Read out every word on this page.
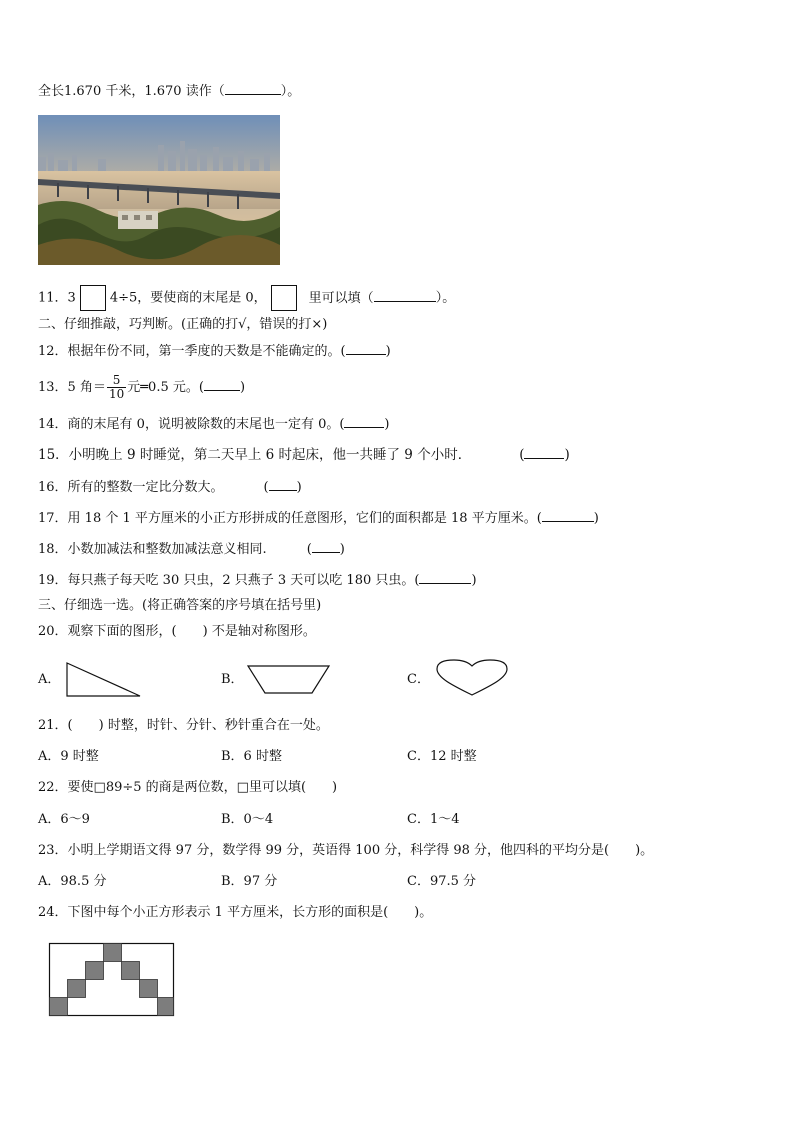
全长1.670 千米，1.670 读作（	）。
11．3	4÷5，要使商的末尾是 0，	里可以填（	）。
二、仔细推敲，巧判断。(正确的打√，错误的打×)
12．根据年份不同，第一季度的天数是不能确定的。(	)
13．5 角＝ $\frac{5}{10}$ 元═0.5 元。(	)
14．商的末尾有 0，说明被除数的末尾也一定有 0。(	)
15．小明晚上 9 时睡觉，第二天早上 6 时起床，他一共睡了 9 个小时．	(	)
16．所有的整数一定比分数大。	( )
17．用 18 个 1 平方厘米的小正方形拼成的任意图形，它们的面积都是 18 平方厘米。(	)
18．小数加减法和整数加减法意义相同.	( )
19．每只燕子每天吃 30 只虫，2 只燕子 3 天可以吃 180 只虫。(	)
三、仔细选一选。(将正确答案的序号填在括号里)
20．观察下面的图形，(　　) 不是轴对称图形。
A．	B．	C．
21．(　　) 时整，时针、分针、秒针重合在一处。
A．9 时整	B．6 时整	C．12 时整
22．要使□89÷5 的商是两位数，□里可以填(　　)
A．6～9	B．0～4	C．1～4
23．小明上学期语文得 97 分，数学得 99 分，英语得 100 分，科学得 98 分，他四科的平均分是(　　)。
A．98.5 分	B．97 分	C．97.5 分
24．下图中每个小正方形表示 1 平方厘米，长方形的面积是(　　)。
